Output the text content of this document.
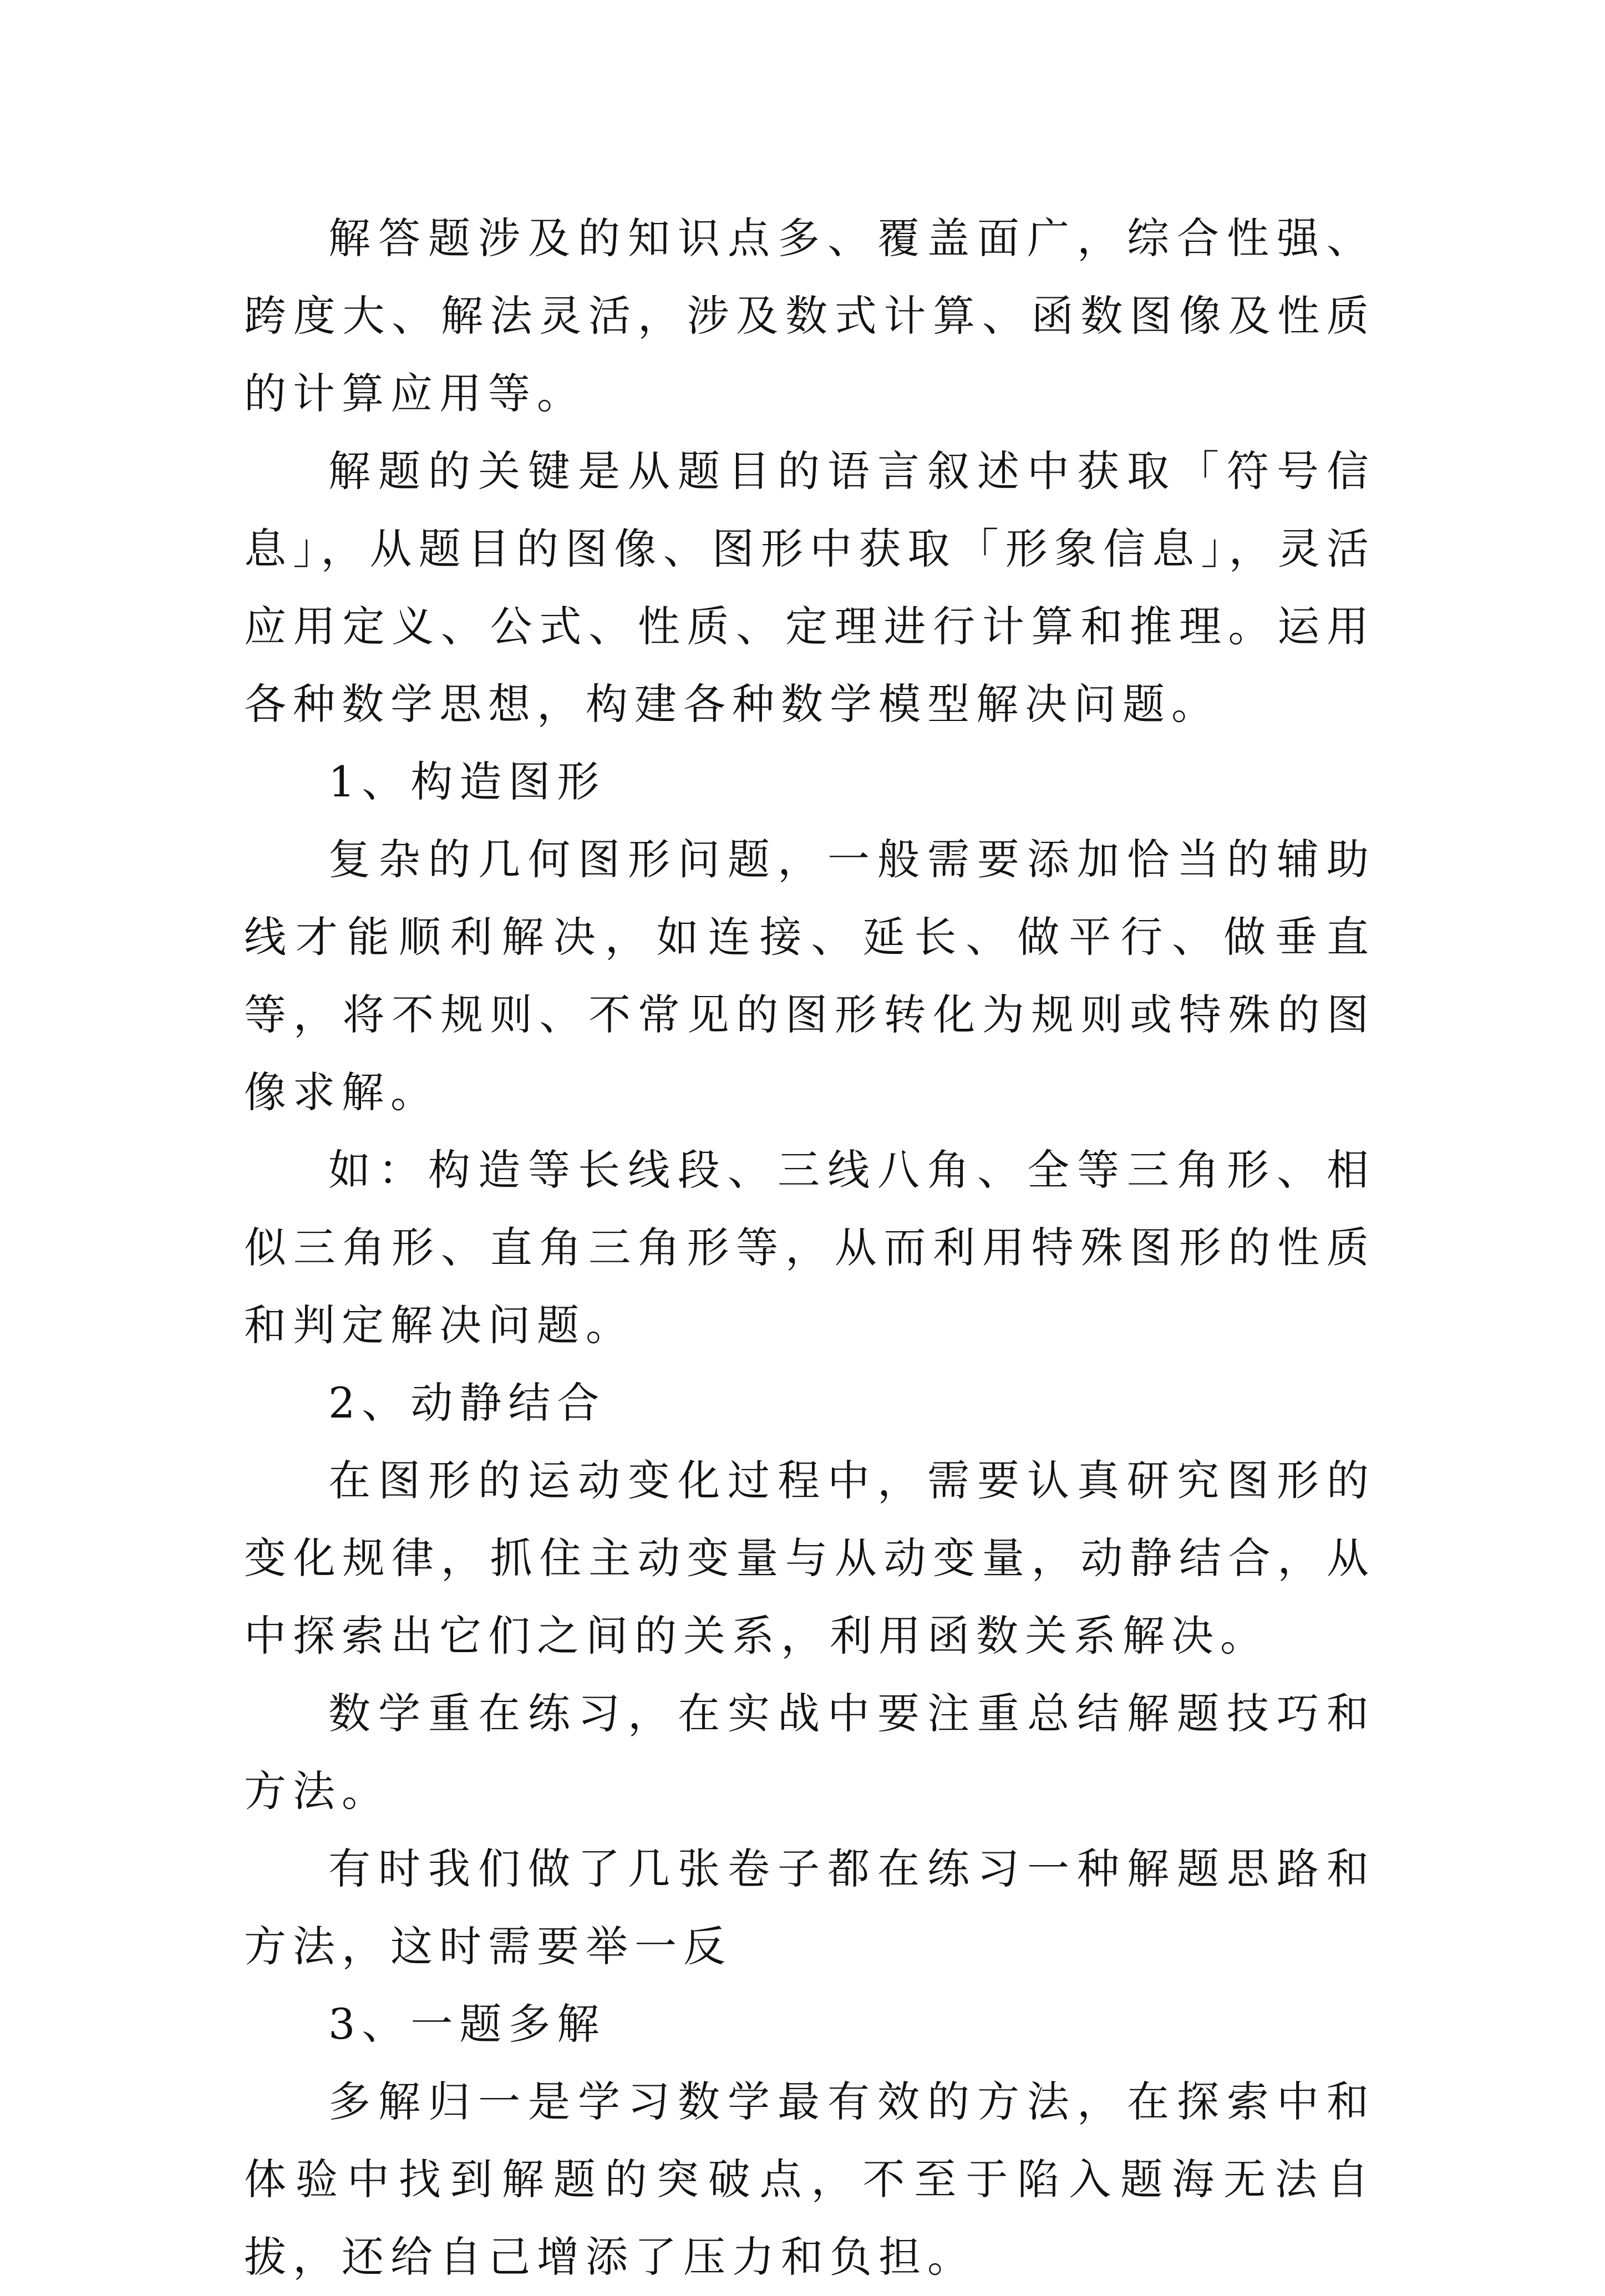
解答题涉及的知识点多、覆盖面广，综合性强、跨度大、解法灵活，涉及数式计算、函数图像及性质的计算应用等。

解题的关键是从题目的语言叙述中获取「符号信息」，从题目的图像、图形中获取「形象信息」，灵活应用定义、公式、性质、定理进行计算和推理。运用各种数学思想，构建各种数学模型解决问题。

1、构造图形

复杂的几何图形问题，一般需要添加恰当的辅助线才能顺利解决，如连接、延长、做平行、做垂直等，将不规则、不常见的图形转化为规则或特殊的图像求解。

如：构造等长线段、三线八角、全等三角形、相似三角形、直角三角形等，从而利用特殊图形的性质和判定解决问题。

2、动静结合

在图形的运动变化过程中，需要认真研究图形的变化规律，抓住主动变量与从动变量，动静结合，从中探索出它们之间的关系，利用函数关系解决。

数学重在练习，在实战中要注重总结解题技巧和方法。

有时我们做了几张卷子都在练习一种解题思路和方法，这时需要举一反

3、一题多解

多解归一是学习数学最有效的方法，在探索中和体验中找到解题的突破点，不至于陷入题海无法自拔，还给自己增添了压力和负担。
